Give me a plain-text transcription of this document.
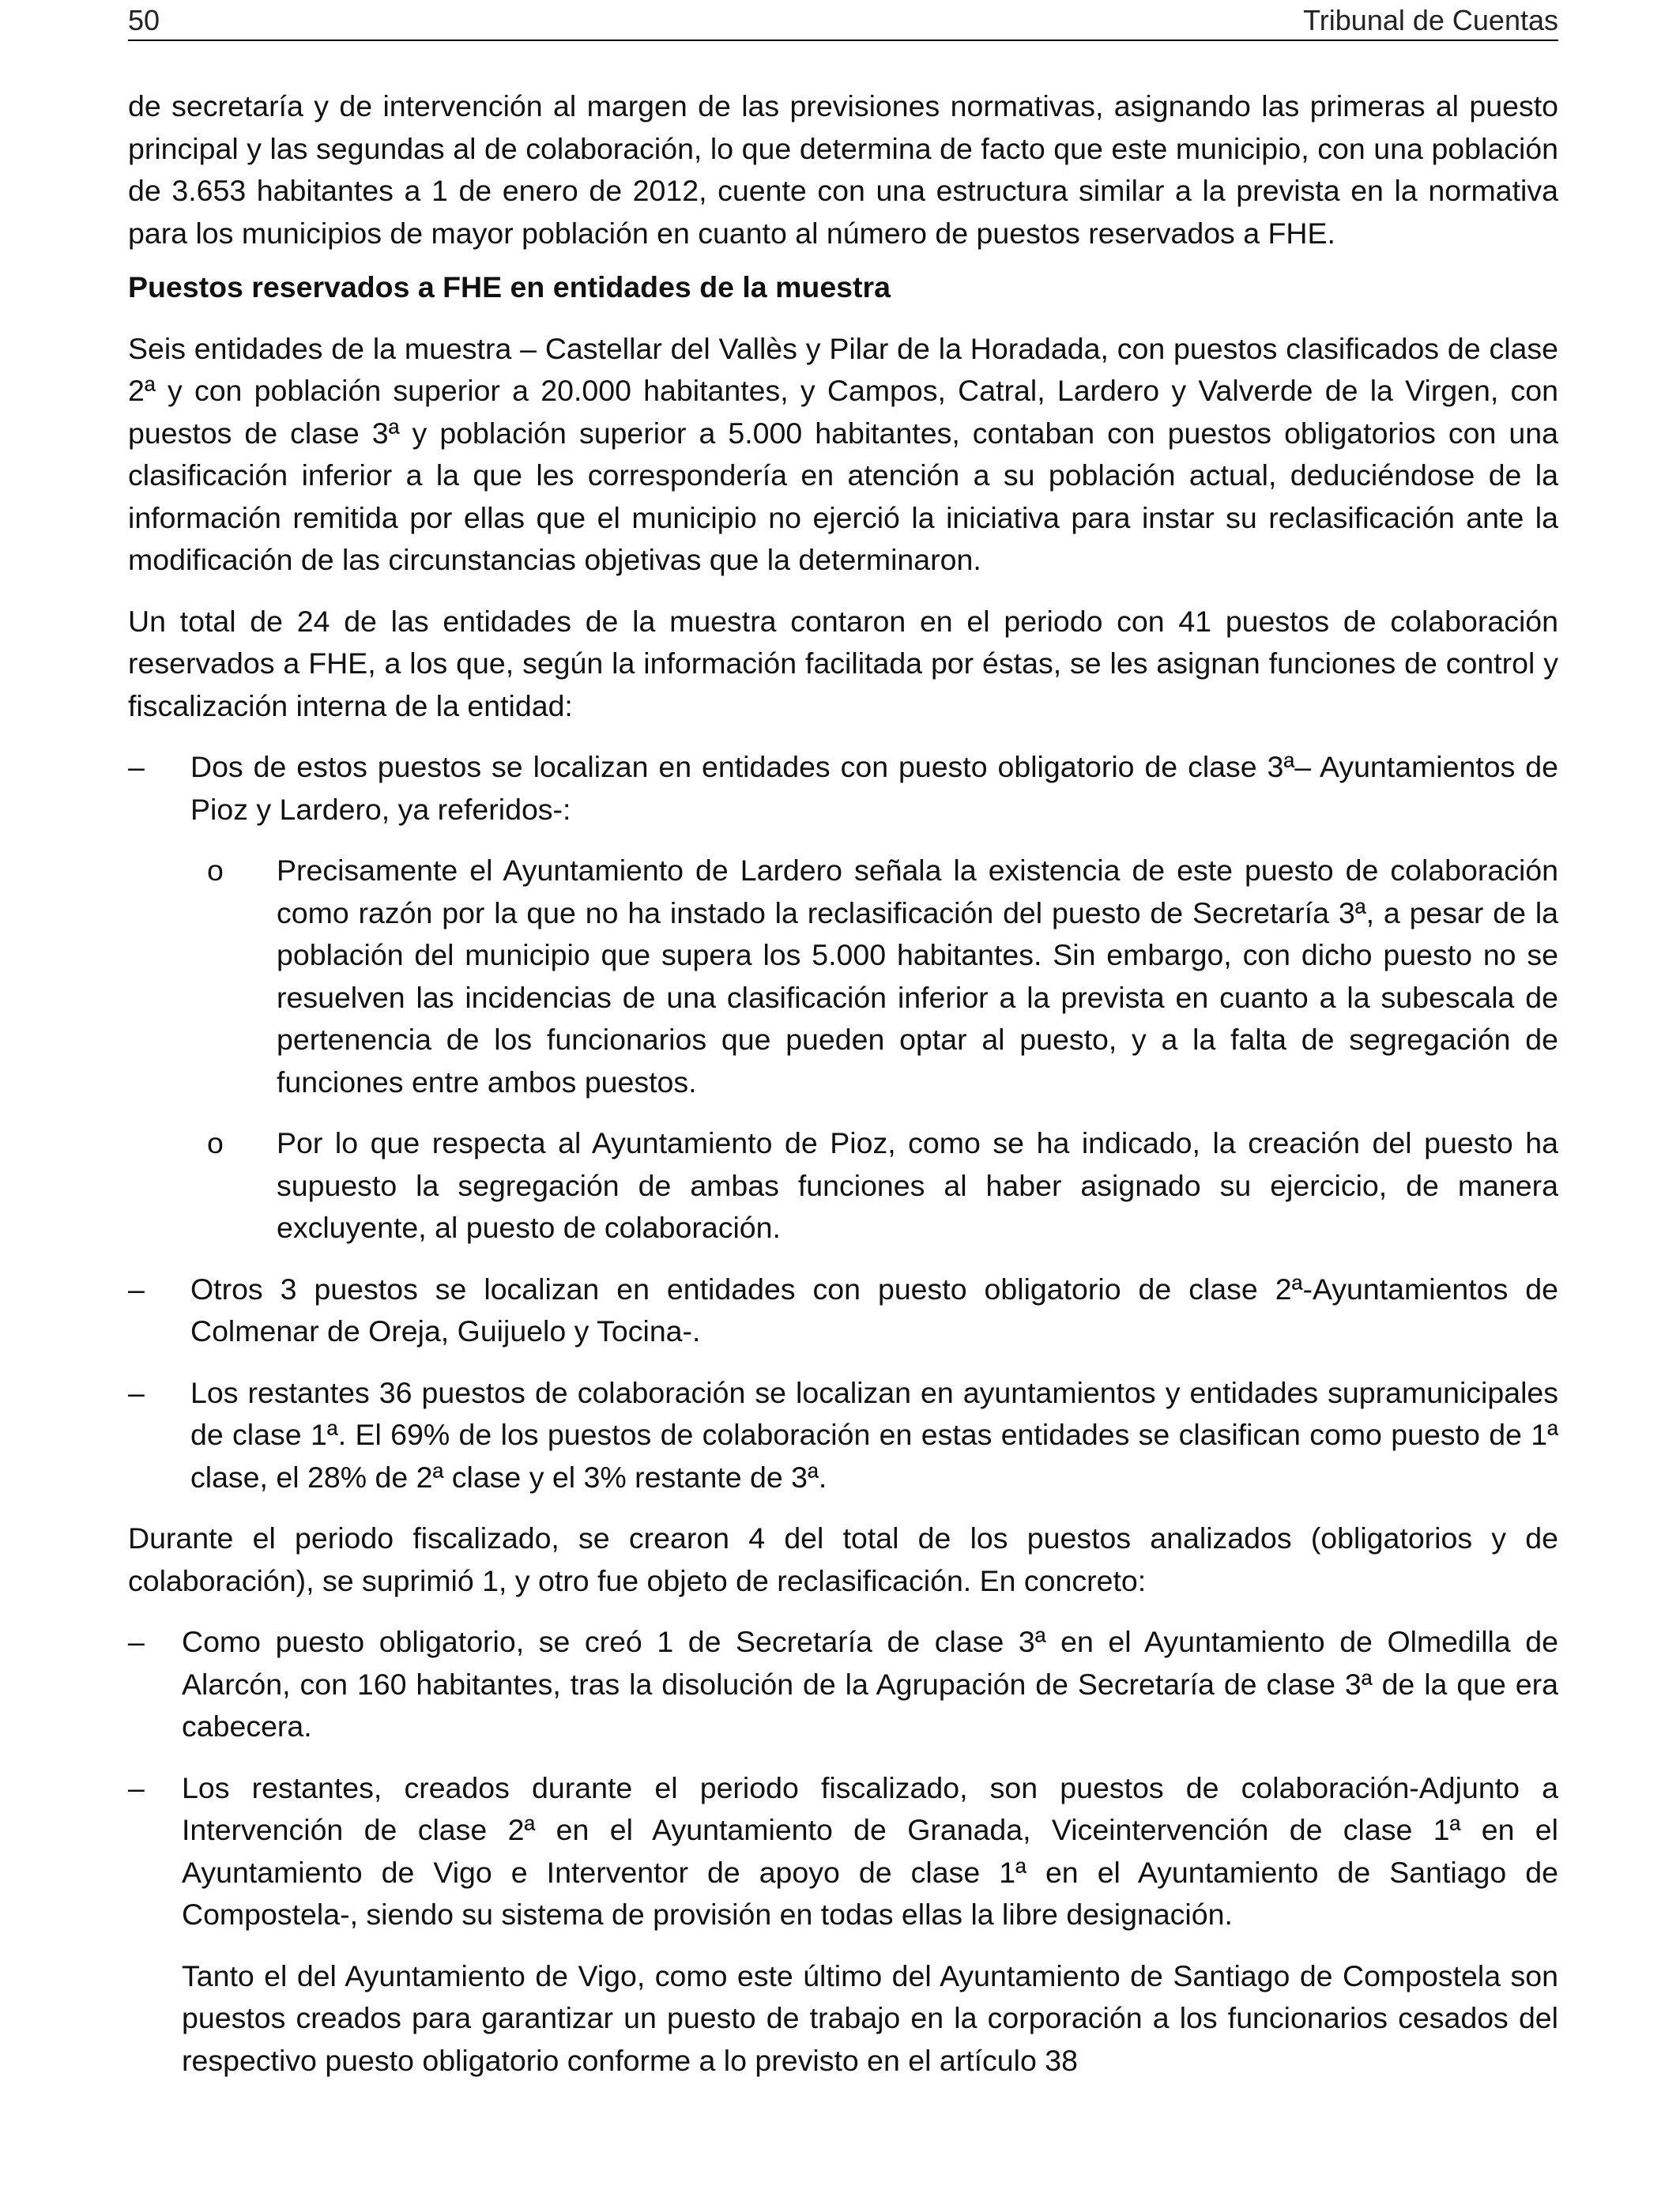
50	Tribunal de Cuentas

de secretaría y de intervención al margen de las previsiones normativas, asignando las primeras al puesto principal y las segundas al de colaboración, lo que determina de facto que este municipio, con una población de 3.653 habitantes a 1 de enero de 2012, cuente con una estructura similar a la prevista en la normativa para los municipios de mayor población en cuanto al número de puestos reservados a FHE.

Puestos reservados a FHE en entidades de la muestra

Seis entidades de la muestra – Castellar del Vallès y Pilar de la Horadada, con puestos clasificados de clase 2ª y con población superior a 20.000 habitantes, y Campos, Catral, Lardero y Valverde de la Virgen, con puestos de clase 3ª y población superior a 5.000 habitantes, contaban con puestos obligatorios con una clasificación inferior a la que les correspondería en atención a su población actual, deduciéndose de la información remitida por ellas que el municipio no ejerció la iniciativa para instar su reclasificación ante la modificación de las circunstancias objetivas que la determinaron.

Un total de 24 de las entidades de la muestra contaron en el periodo con 41 puestos de colaboración reservados a FHE, a los que, según la información facilitada por éstas, se les asignan funciones de control y fiscalización interna de la entidad:

– Dos de estos puestos se localizan en entidades con puesto obligatorio de clase 3ª– Ayuntamientos de Pioz y Lardero, ya referidos-:

o Precisamente el Ayuntamiento de Lardero señala la existencia de este puesto de colaboración como razón por la que no ha instado la reclasificación del puesto de Secretaría 3ª, a pesar de la población del municipio que supera los 5.000 habitantes. Sin embargo, con dicho puesto no se resuelven las incidencias de una clasificación inferior a la prevista en cuanto a la subescala de pertenencia de los funcionarios que pueden optar al puesto, y a la falta de segregación de funciones entre ambos puestos.

o Por lo que respecta al Ayuntamiento de Pioz, como se ha indicado, la creación del puesto ha supuesto la segregación de ambas funciones al haber asignado su ejercicio, de manera excluyente, al puesto de colaboración.

– Otros 3 puestos se localizan en entidades con puesto obligatorio de clase 2ª-Ayuntamientos de Colmenar de Oreja, Guijuelo y Tocina-.

– Los restantes 36 puestos de colaboración se localizan en ayuntamientos y entidades supramunicipales de clase 1ª. El 69% de los puestos de colaboración en estas entidades se clasifican como puesto de 1ª clase, el 28% de 2ª clase y el 3% restante de 3ª.

Durante el periodo fiscalizado, se crearon 4 del total de los puestos analizados (obligatorios y de colaboración), se suprimió 1, y otro fue objeto de reclasificación. En concreto:

– Como puesto obligatorio, se creó 1 de Secretaría de clase 3ª en el Ayuntamiento de Olmedilla de Alarcón, con 160 habitantes, tras la disolución de la Agrupación de Secretaría de clase 3ª de la que era cabecera.

– Los restantes, creados durante el periodo fiscalizado, son puestos de colaboración-Adjunto a Intervención de clase 2ª en el Ayuntamiento de Granada, Viceintervención de clase 1ª en el Ayuntamiento de Vigo e Interventor de apoyo de clase 1ª en el Ayuntamiento de Santiago de Compostela-, siendo su sistema de provisión en todas ellas la libre designación.

Tanto el del Ayuntamiento de Vigo, como este último del Ayuntamiento de Santiago de Compostela son puestos creados para garantizar un puesto de trabajo en la corporación a los funcionarios cesados del respectivo puesto obligatorio conforme a lo previsto en el artículo 38
